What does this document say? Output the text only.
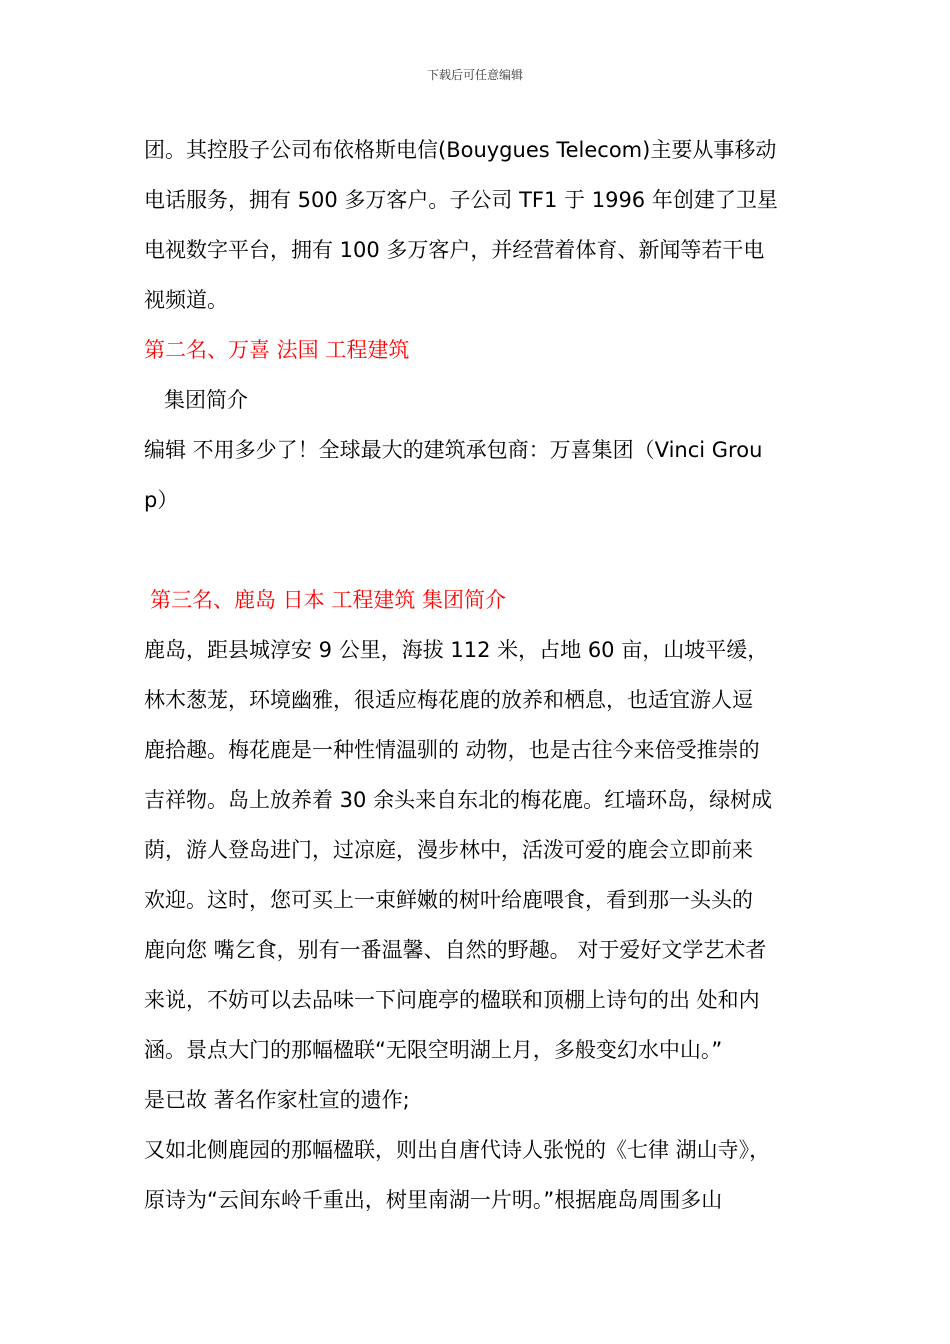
下载后可任意编辑
团。其控股子公司布依格斯电信(Bouygues Telecom)主要从事移动
电话服务，拥有 500 多万客户。子公司 TF1 于 1996 年创建了卫星
电视数字平台，拥有 100 多万客户，并经营着体育、新闻等若干电
视频道。
第二名、万喜 法国 工程建筑
集团简介
编辑 不用多少了！全球最大的建筑承包商：万喜集团（Vinci Grou
p）
第三名、鹿岛 日本 工程建筑 集团简介
鹿岛，距县城淳安 9 公里，海拔 112 米，占地 60 亩，山坡平缓，
林木葱茏，环境幽雅，很适应梅花鹿的放养和栖息，也适宜游人逗
鹿拾趣。梅花鹿是一种性情温驯的 动物，也是古往今来倍受推崇的
吉祥物。岛上放养着 30 余头来自东北的梅花鹿。红墙环岛，绿树成
荫，游人登岛进门，过凉庭，漫步林中，活泼可爱的鹿会立即前来
欢迎。这时，您可买上一束鲜嫩的树叶给鹿喂食，看到那一头头的
鹿向您 嘴乞食，别有一番温馨、自然的野趣。 对于爱好文学艺术者
来说，不妨可以去品味一下问鹿亭的楹联和顶棚上诗句的出 处和内
涵。景点大门的那幅楹联“无限空明湖上月，多般变幻水中山。”
是已故 著名作家杜宣的遗作;
又如北侧鹿园的那幅楹联，则出自唐代诗人张悦的《七律 湖山寺》，
原诗为“云间东岭千重出，树里南湖一片明。”根据鹿岛周围多山
